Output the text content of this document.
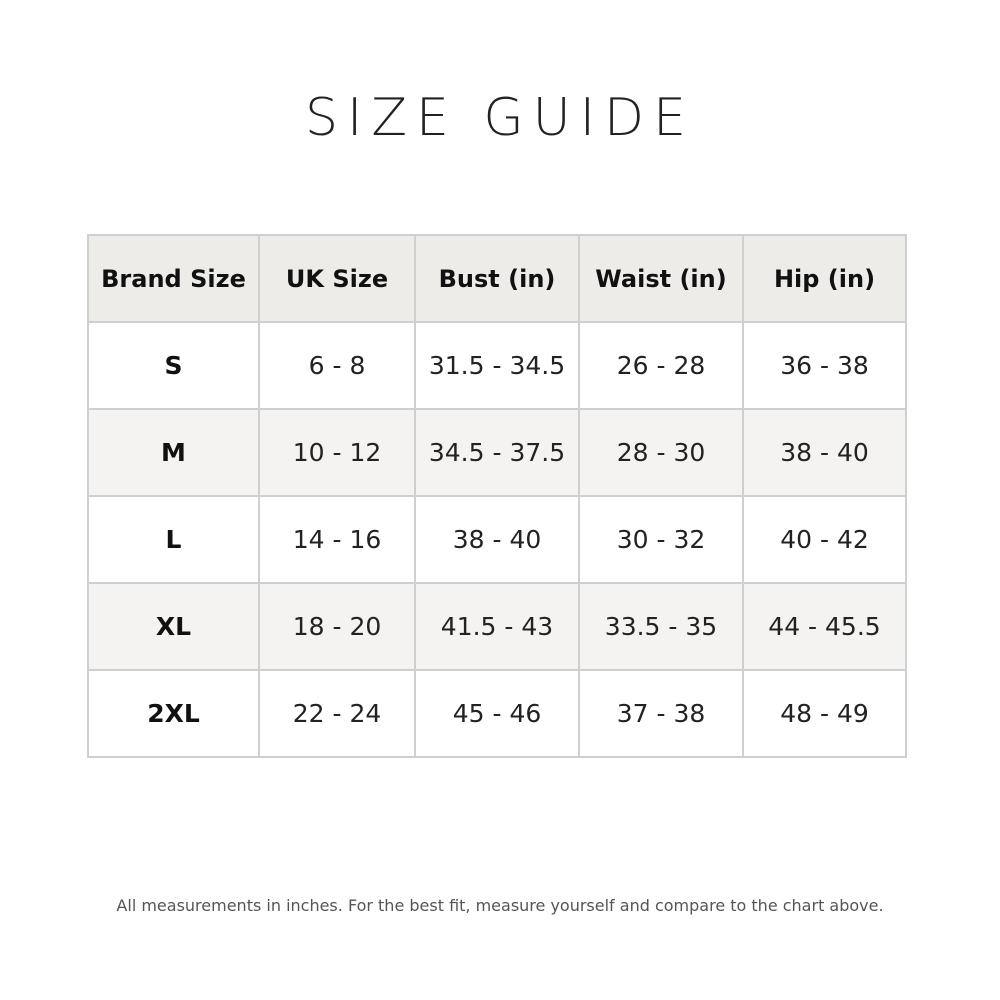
SIZE GUIDE
Brand Size	UK Size	Bust (in)	Waist (in)	Hip (in)
S	6 - 8	31.5 - 34.5	26 - 28	36 - 38
M	10 - 12	34.5 - 37.5	28 - 30	38 - 40
L	14 - 16	38 - 40	30 - 32	40 - 42
XL	18 - 20	41.5 - 43	33.5 - 35	44 - 45.5
2XL	22 - 24	45 - 46	37 - 38	48 - 49

All measurements in inches. For the best fit, measure yourself and compare to the chart above.
